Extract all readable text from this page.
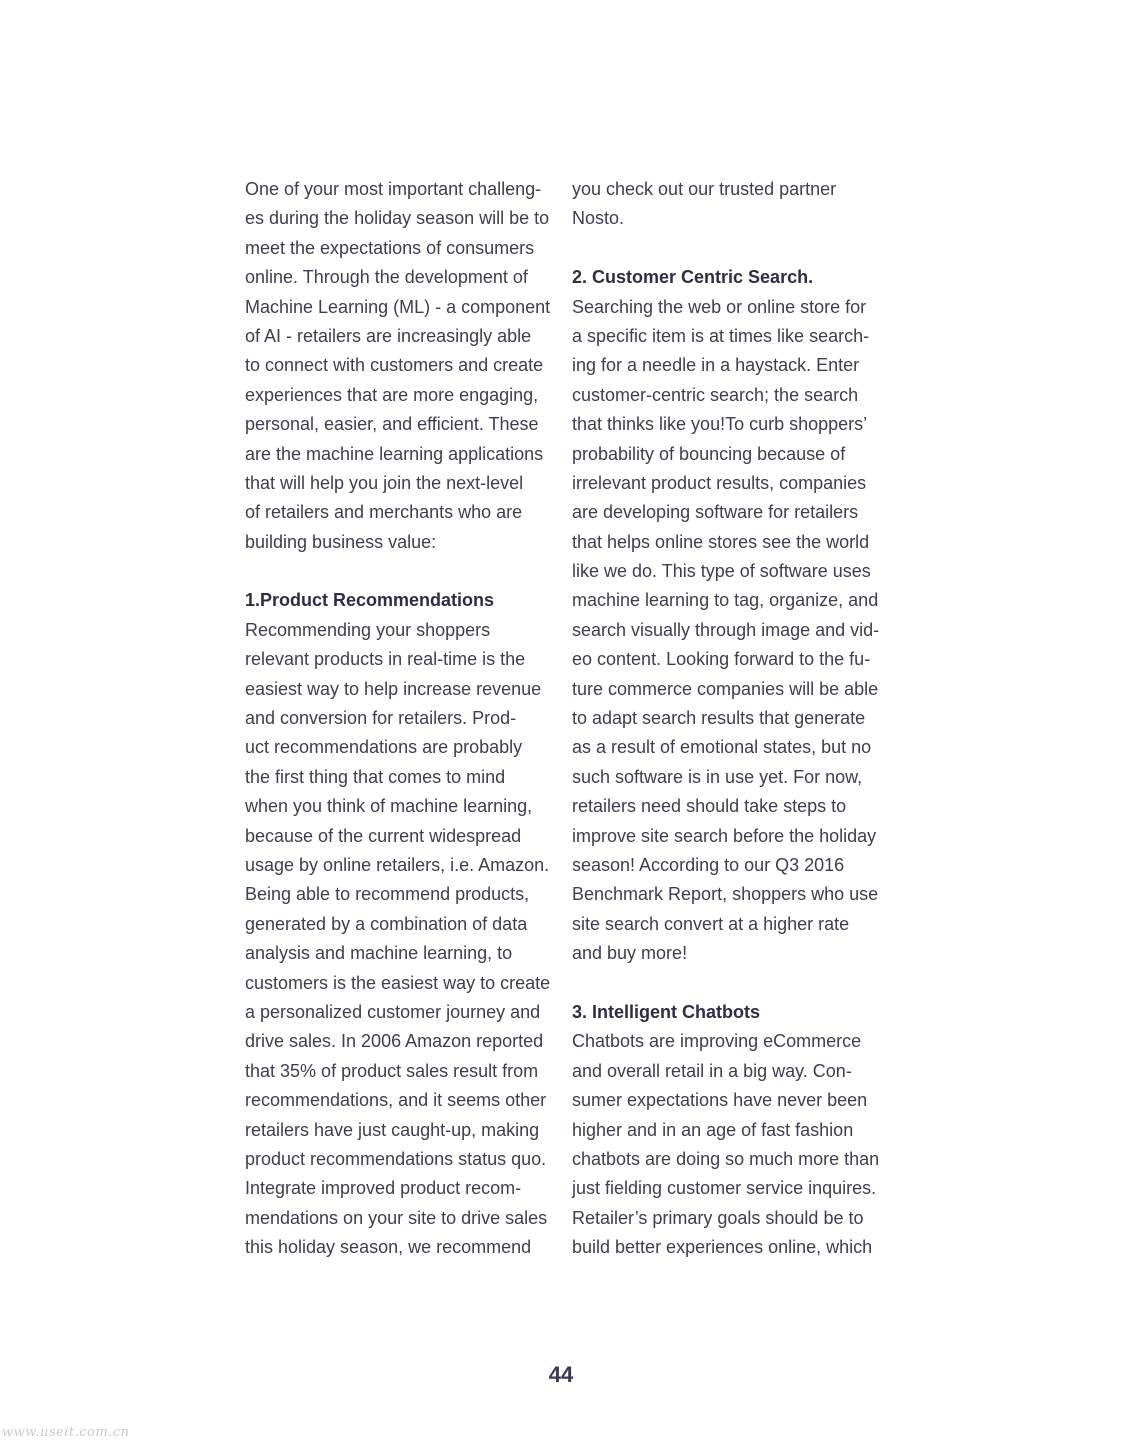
One of your most important challeng-
es during the holiday season will be to
meet the expectations of consumers
online. Through the development of
Machine Learning (ML) - a component
of AI - retailers are increasingly able
to connect with customers and create
experiences that are more engaging,
personal, easier, and efficient. These
are the machine learning applications
that will help you join the next-level
of retailers and merchants who are
building business value:
1.Product Recommendations
Recommending your shoppers
relevant products in real-time is the
easiest way to help increase revenue
and conversion for retailers. Prod-
uct recommendations are probably
the first thing that comes to mind
when you think of machine learning,
because of the current widespread
usage by online retailers, i.e. Amazon.
Being able to recommend products,
generated by a combination of data
analysis and machine learning, to
customers is the easiest way to create
a personalized customer journey and
drive sales. In 2006 Amazon reported
that 35% of product sales result from
recommendations, and it seems other
retailers have just caught-up, making
product recommendations status quo.
Integrate improved product recom-
mendations on your site to drive sales
this holiday season, we recommend
you check out our trusted partner
Nosto.
2. Customer Centric Search.
Searching the web or online store for
a specific item is at times like search-
ing for a needle in a haystack. Enter
customer-centric search; the search
that thinks like you!To curb shoppers’
probability of bouncing because of
irrelevant product results, companies
are developing software for retailers
that helps online stores see the world
like we do. This type of software uses
machine learning to tag, organize, and
search visually through image and vid-
eo content. Looking forward to the fu-
ture commerce companies will be able
to adapt search results that generate
as a result of emotional states, but no
such software is in use yet. For now,
retailers need should take steps to
improve site search before the holiday
season! According to our Q3 2016
Benchmark Report, shoppers who use
site search convert at a higher rate
and buy more!
3. Intelligent Chatbots
Chatbots are improving eCommerce
and overall retail in a big way. Con-
sumer expectations have never been
higher and in an age of fast fashion
chatbots are doing so much more than
just fielding customer service inquires.
Retailer’s primary goals should be to
build better experiences online, which
44
www.useit.com.cn
